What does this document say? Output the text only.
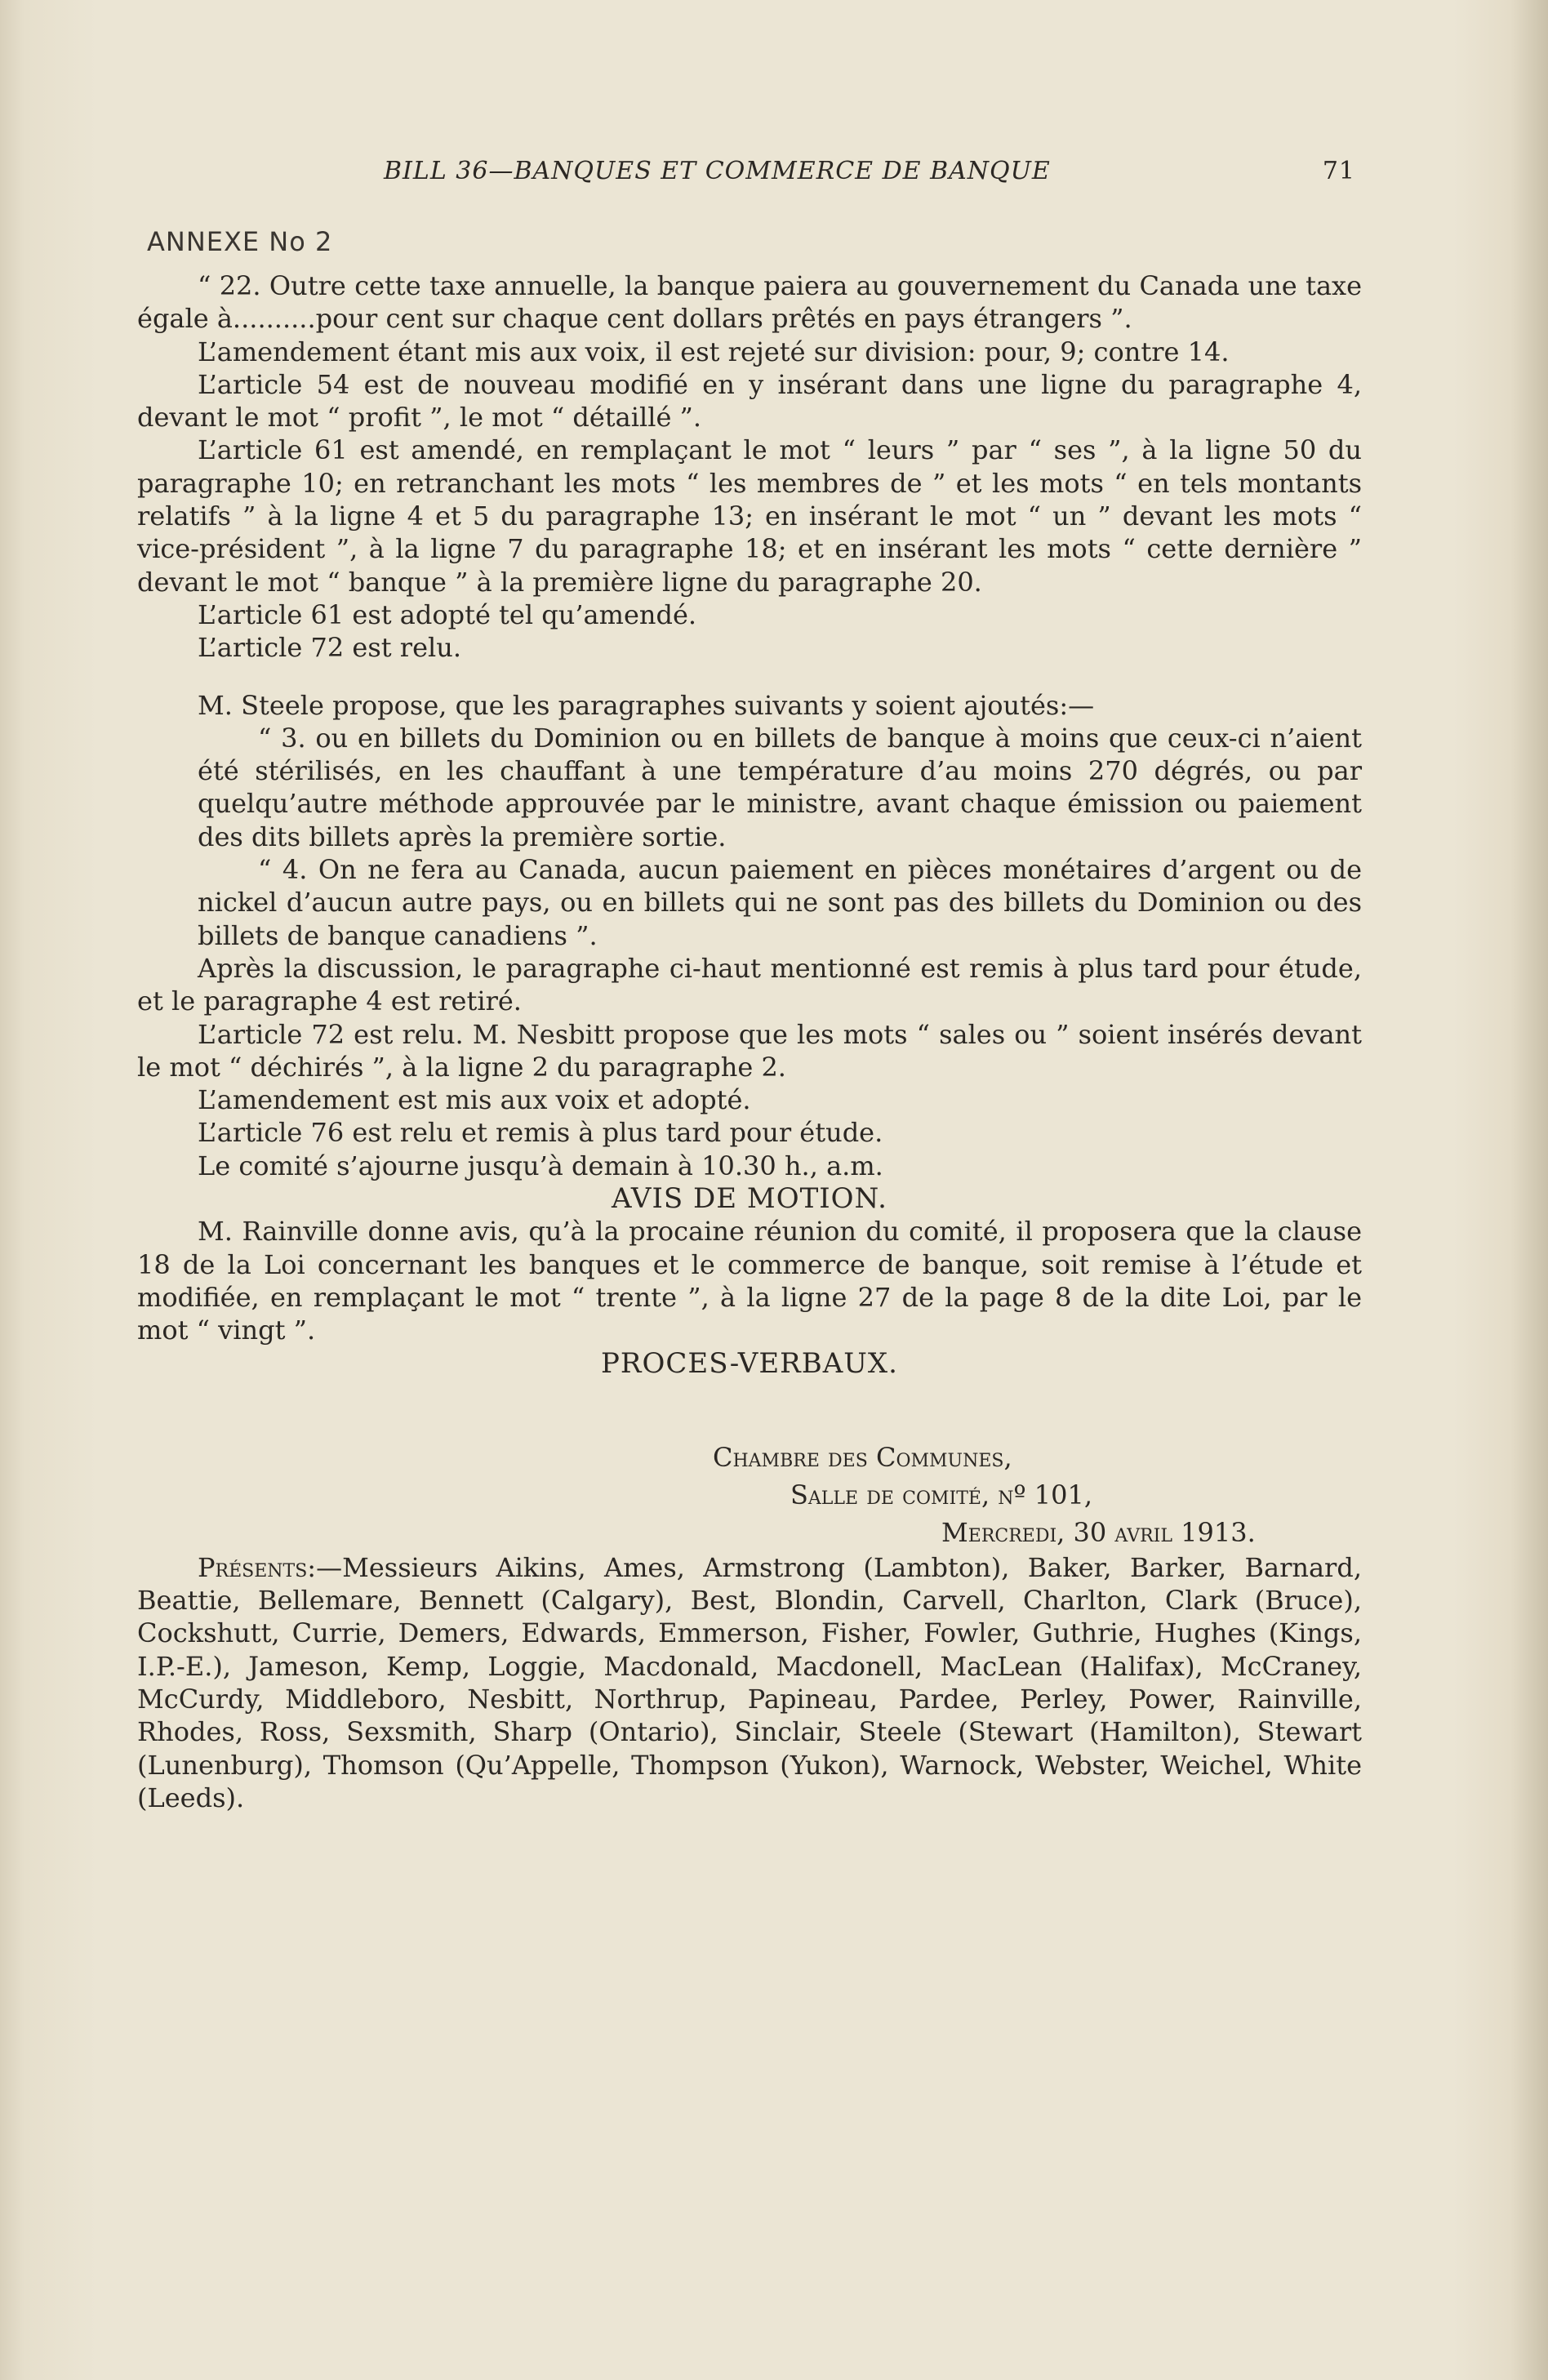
BILL 36—BANQUES ET COMMERCE DE BANQUE	71
ANNEXE No 2

“ 22. Outre cette taxe annuelle, la banque paiera au gouvernement du Canada une taxe égale à..........pour cent sur chaque cent dollars prêtés en pays étrangers ”.

L’amendement étant mis aux voix, il est rejeté sur division: pour, 9; contre 14.

L’article 54 est de nouveau modifié en y insérant dans une ligne du paragraphe 4, devant le mot “ profit ”, le mot “ détaillé ”.

L’article 61 est amendé, en remplaçant le mot “ leurs ” par “ ses ”, à la ligne 50 du paragraphe 10; en retranchant les mots “ les membres de ” et les mots “ en tels montants relatifs ” à la ligne 4 et 5 du paragraphe 13; en insérant le mot “ un ” devant les mots “ vice-président ”, à la ligne 7 du paragraphe 18; et en insérant les mots “ cette dernière ” devant le mot “ banque ” à la première ligne du paragraphe 20.

L’article 61 est adopté tel qu’amendé.

L’article 72 est relu.

M. Steele propose, que les paragraphes suivants y soient ajoutés:—

“ 3. ou en billets du Dominion ou en billets de banque à moins que ceux-ci n’aient été stérilisés, en les chauffant à une température d’au moins 270 dégrés, ou par quelqu’autre méthode approuvée par le ministre, avant chaque émission ou paiement des dits billets après la première sortie.

“ 4. On ne fera au Canada, aucun paiement en pièces monétaires d’argent ou de nickel d’aucun autre pays, ou en billets qui ne sont pas des billets du Dominion ou des billets de banque canadiens ”.

Après la discussion, le paragraphe ci-haut mentionné est remis à plus tard pour étude, et le paragraphe 4 est retiré.

L’article 72 est relu. M. Nesbitt propose que les mots “ sales ou ” soient insérés devant le mot “ déchirés ”, à la ligne 2 du paragraphe 2.

L’amendement est mis aux voix et adopté.

L’article 76 est relu et remis à plus tard pour étude.

Le comité s’ajourne jusqu’à demain à 10.30 h., a.m.

AVIS DE MOTION.

M. Rainville donne avis, qu’à la procaine réunion du comité, il proposera que la clause 18 de la Loi concernant les banques et le commerce de banque, soit remise à l’étude et modifiée, en remplaçant le mot “ trente ”, à la ligne 27 de la page 8 de la dite Loi, par le mot “ vingt ”.

PROCES-VERBAUX.

Chambre des Communes,

Salle de comité, nº 101,

Mercredi, 30 avril 1913.

Présents:—Messieurs Aikins, Ames, Armstrong (Lambton), Baker, Barker, Barnard, Beattie, Bellemare, Bennett (Calgary), Best, Blondin, Carvell, Charlton, Clark (Bruce), Cockshutt, Currie, Demers, Edwards, Emmerson, Fisher, Fowler, Guthrie, Hughes (Kings, I.P.-E.), Jameson, Kemp, Loggie, Macdonald, Macdonell, MacLean (Halifax), McCraney, McCurdy, Middleboro, Nesbitt, Northrup, Papineau, Pardee, Perley, Power, Rainville, Rhodes, Ross, Sexsmith, Sharp (Ontario), Sinclair, Steele (Stewart (Hamilton), Stewart (Lunenburg), Thomson (Qu’Appelle, Thompson (Yukon), Warnock, Webster, Weichel, White (Leeds).
